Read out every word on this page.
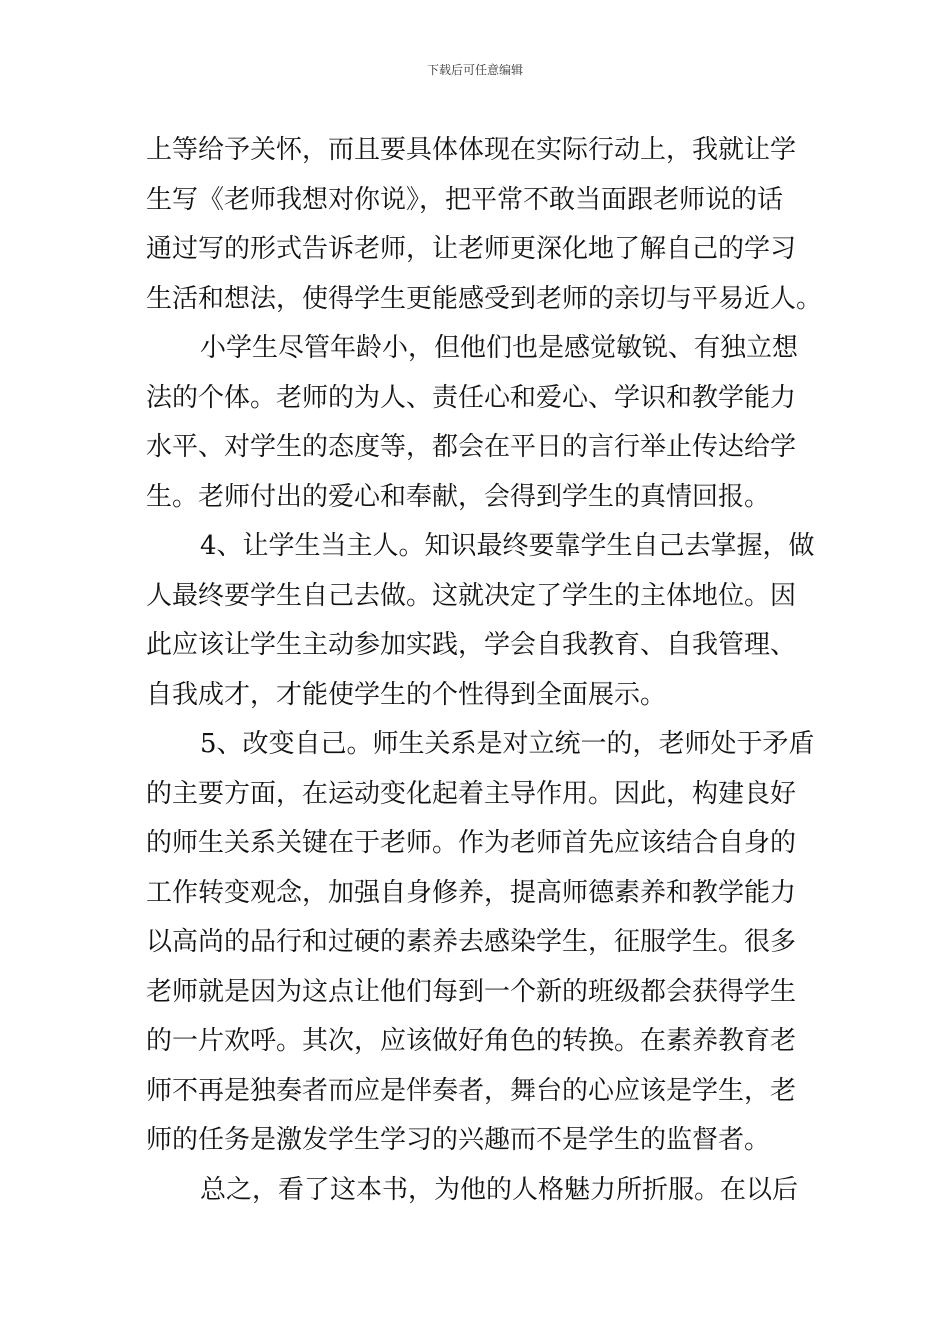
下载后可任意编辑
上等给予关怀，而且要具体体现在实际行动上，我就让学
生写《老师我想对你说》，把平常不敢当面跟老师说的话
通过写的形式告诉老师，让老师更深化地了解自己的学习
生活和想法，使得学生更能感受到老师的亲切与平易近人。
小学生尽管年龄小，但他们也是感觉敏锐、有独立想
法的个体。老师的为人、责任心和爱心、学识和教学能力
水平、对学生的态度等，都会在平日的言行举止传达给学
生。老师付出的爱心和奉献，会得到学生的真情回报。
4、让学生当主人。知识最终要靠学生自己去掌握，做
人最终要学生自己去做。这就决定了学生的主体地位。因
此应该让学生主动参加实践，学会自我教育、自我管理、
自我成才，才能使学生的个性得到全面展示。
5、改变自己。师生关系是对立统一的，老师处于矛盾
的主要方面，在运动变化起着主导作用。因此，构建良好
的师生关系关键在于老师。作为老师首先应该结合自身的
工作转变观念，加强自身修养，提高师德素养和教学能力
以高尚的品行和过硬的素养去感染学生，征服学生。很多
老师就是因为这点让他们每到一个新的班级都会获得学生
的一片欢呼。其次，应该做好角色的转换。在素养教育老
师不再是独奏者而应是伴奏者，舞台的心应该是学生，老
师的任务是激发学生学习的兴趣而不是学生的监督者。
总之，看了这本书，为他的人格魅力所折服。在以后
